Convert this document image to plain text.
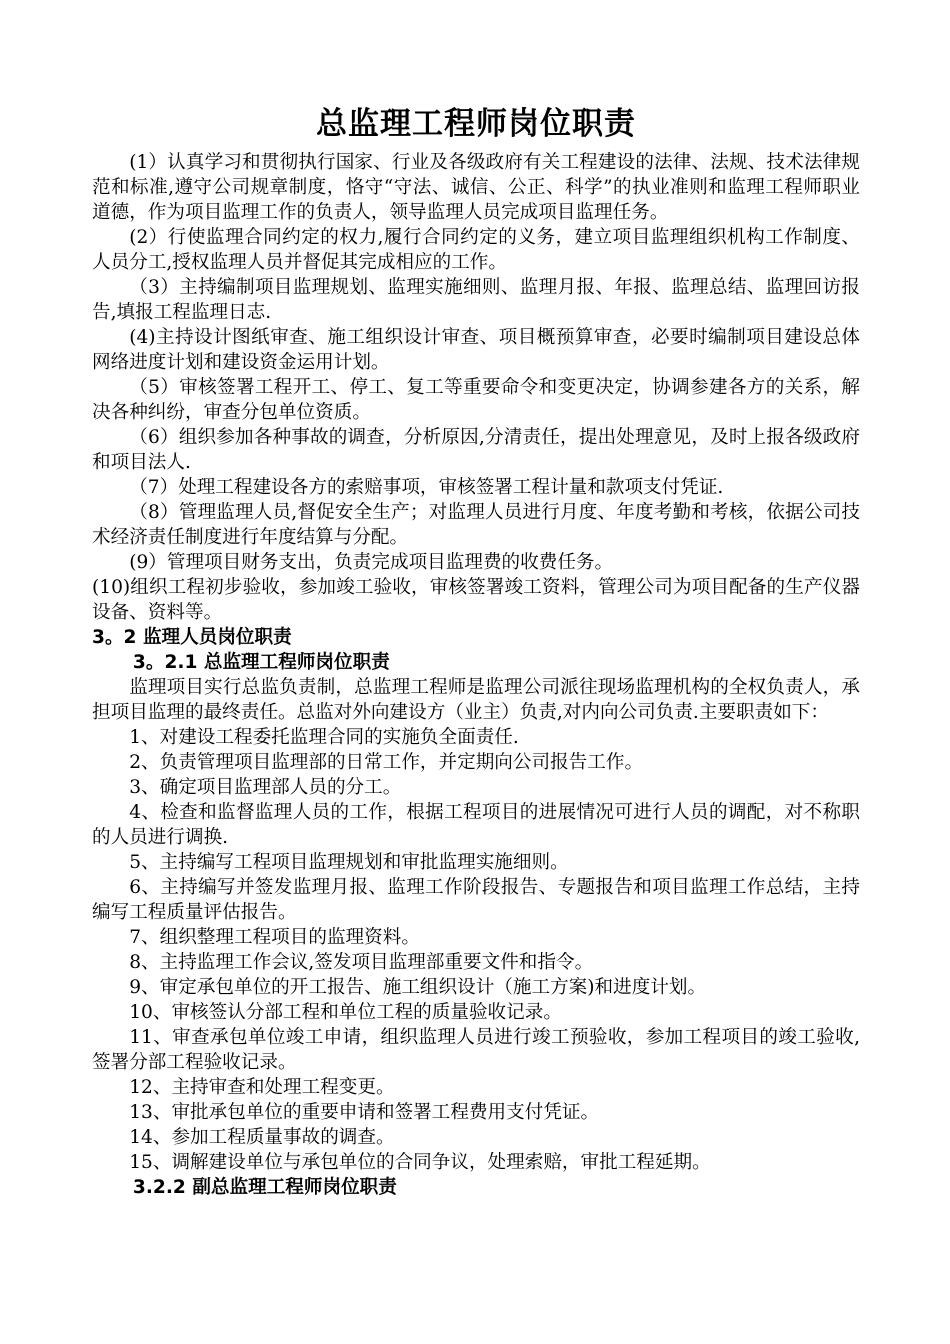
总监理工程师岗位职责

(1）认真学习和贯彻执行国家、行业及各级政府有关工程建设的法律、法规、技术法律规范和标准,遵守公司规章制度，恪守“守法、诚信、公正、科学”的执业准则和监理工程师职业道德，作为项目监理工作的负责人，领导监理人员完成项目监理任务。

(2）行使监理合同约定的权力,履行合同约定的义务，建立项目监理组织机构工作制度、人员分工,授权监理人员并督促其完成相应的工作。

（3）主持编制项目监理规划、监理实施细则、监理月报、年报、监理总结、监理回访报告,填报工程监理日志.

(4)主持设计图纸审查、施工组织设计审查、项目概预算审查，必要时编制项目建设总体网络进度计划和建设资金运用计划。

（5）审核签署工程开工、停工、复工等重要命令和变更决定，协调参建各方的关系，解决各种纠纷，审查分包单位资质。

（6）组织参加各种事故的调查，分析原因,分清责任，提出处理意见，及时上报各级政府和项目法人.

（7）处理工程建设各方的索赔事项，审核签署工程计量和款项支付凭证.

（8）管理监理人员,督促安全生产；对监理人员进行月度、年度考勤和考核，依据公司技术经济责任制度进行年度结算与分配。

(9）管理项目财务支出，负责完成项目监理费的收费任务。

(10)组织工程初步验收，参加竣工验收，审核签署竣工资料，管理公司为项目配备的生产仪器设备、资料等。

3。2 监理人员岗位职责
3。2.1 总监理工程师岗位职责

监理项目实行总监负责制，总监理工程师是监理公司派往现场监理机构的全权负责人，承担项目监理的最终责任。总监对外向建设方（业主）负责,对内向公司负责.主要职责如下：

1、对建设工程委托监理合同的实施负全面责任.

2、负责管理项目监理部的日常工作，并定期向公司报告工作。

3、确定项目监理部人员的分工。

4、检查和监督监理人员的工作，根据工程项目的进展情况可进行人员的调配，对不称职的人员进行调换.

5、主持编写工程项目监理规划和审批监理实施细则。

6、主持编写并签发监理月报、监理工作阶段报告、专题报告和项目监理工作总结，主持编写工程质量评估报告。

7、组织整理工程项目的监理资料。

8、主持监理工作会议,签发项目监理部重要文件和指令。

9、审定承包单位的开工报告、施工组织设计（施工方案)和进度计划。

10、审核签认分部工程和单位工程的质量验收记录。

11、审查承包单位竣工申请，组织监理人员进行竣工预验收，参加工程项目的竣工验收,签署分部工程验收记录。

12、主持审查和处理工程变更。

13、审批承包单位的重要申请和签署工程费用支付凭证。

14、参加工程质量事故的调查。

15、调解建设单位与承包单位的合同争议，处理索赔，审批工程延期。

3.2.2 副总监理工程师岗位职责
